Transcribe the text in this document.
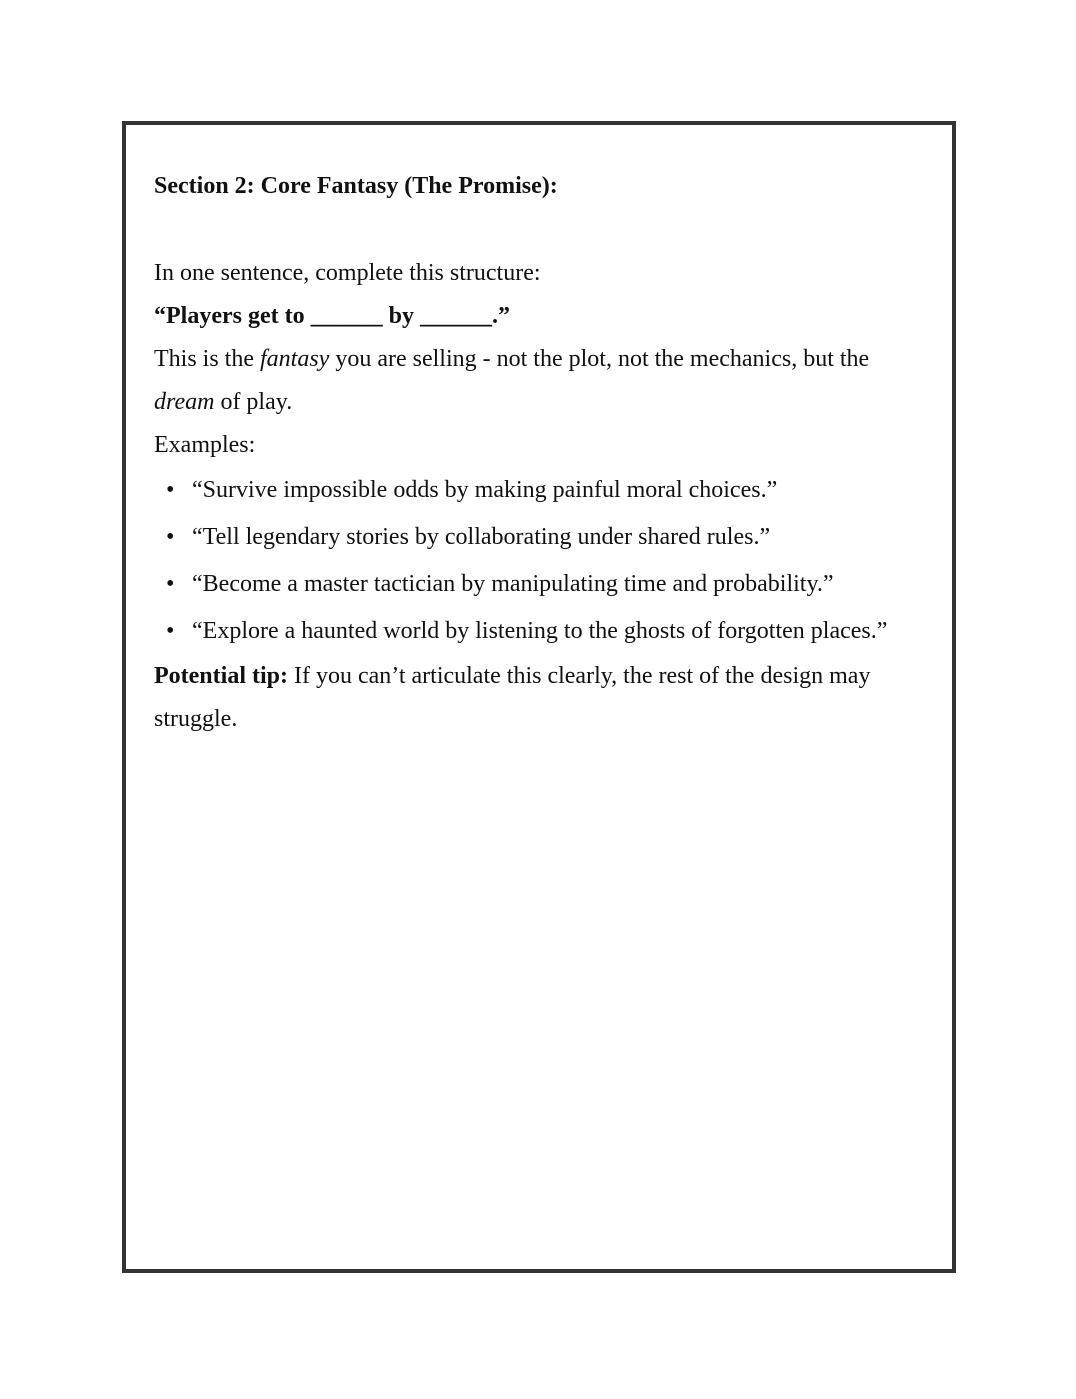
Section 2: Core Fantasy (The Promise):

In one sentence, complete this structure:

“Players get to ______ by ______.”

This is the fantasy you are selling - not the plot, not the mechanics, but the dream of play.

Examples:

• “Survive impossible odds by making painful moral choices.”
• “Tell legendary stories by collaborating under shared rules.”
• “Become a master tactician by manipulating time and probability.”
• “Explore a haunted world by listening to the ghosts of forgotten places.”

Potential tip: If you can’t articulate this clearly, the rest of the design may struggle.
